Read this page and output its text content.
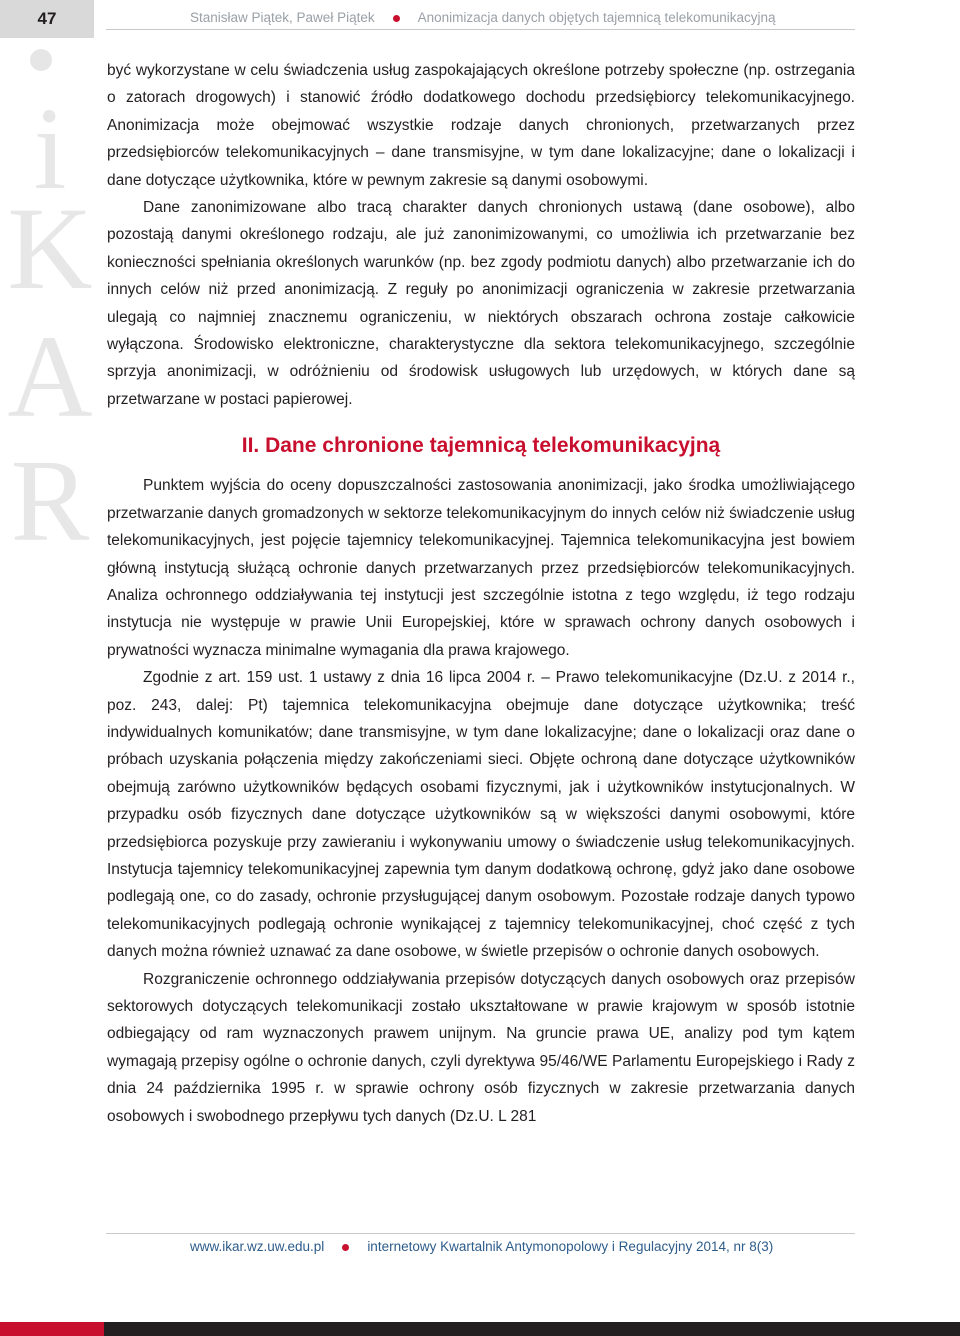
47	Stanisław Piątek, Paweł Piątek	Anonimizacja danych objętych tajemnicą telekomunikacyjną
i
K
A
R

być wykorzystane w celu świadczenia usług zaspokajających określone potrzeby społeczne (np. ostrzegania o zatorach drogowych) i stanowić źródło dodatkowego dochodu przedsiębiorcy telekomunikacyjnego. Anonimizacja może obejmować wszystkie rodzaje danych chronionych, przetwarzanych przez przedsiębiorców telekomunikacyjnych – dane transmisyjne, w tym dane lokalizacyjne; dane o lokalizacji i dane dotyczące użytkownika, które w pewnym zakresie są danymi osobowymi.

Dane zanonimizowane albo tracą charakter danych chronionych ustawą (dane osobowe), albo pozostają danymi określonego rodzaju, ale już zanonimizowanymi, co umożliwia ich przetwarzanie bez konieczności spełniania określonych warunków (np. bez zgody podmiotu danych) albo przetwarzanie ich do innych celów niż przed anonimizacją. Z reguły po anonimizacji ograniczenia w zakresie przetwarzania ulegają co najmniej znacznemu ograniczeniu, w niektórych obszarach ochrona zostaje całkowicie wyłączona. Środowisko elektroniczne, charakterystyczne dla sektora telekomunikacyjnego, szczególnie sprzyja anonimizacji, w odróżnieniu od środowisk usługowych lub urzędowych, w których dane są przetwarzane w postaci papierowej.

II. Dane chronione tajemnicą telekomunikacyjną

Punktem wyjścia do oceny dopuszczalności zastosowania anonimizacji, jako środka umożliwiającego przetwarzanie danych gromadzonych w sektorze telekomunikacyjnym do innych celów niż świadczenie usług telekomunikacyjnych, jest pojęcie tajemnicy telekomunikacyjnej. Tajemnica telekomunikacyjna jest bowiem główną instytucją służącą ochronie danych przetwarzanych przez przedsiębiorców telekomunikacyjnych. Analiza ochronnego oddziaływania tej instytucji jest szczególnie istotna z tego względu, iż tego rodzaju instytucja nie występuje w prawie Unii Europejskiej, które w sprawach ochrony danych osobowych i prywatności wyznacza minimalne wymagania dla prawa krajowego.

Zgodnie z art. 159 ust. 1 ustawy z dnia 16 lipca 2004 r. – Prawo telekomunikacyjne (Dz.U. z 2014 r., poz. 243, dalej: Pt) tajemnica telekomunikacyjna obejmuje dane dotyczące użytkownika; treść indywidualnych komunikatów; dane transmisyjne, w tym dane lokalizacyjne; dane o lokalizacji oraz dane o próbach uzyskania połączenia między zakończeniami sieci. Objęte ochroną dane dotyczące użytkowników obejmują zarówno użytkowników będących osobami fizycznymi, jak i użytkowników instytucjonalnych. W przypadku osób fizycznych dane dotyczące użytkowników są w większości danymi osobowymi, które przedsiębiorca pozyskuje przy zawieraniu i wykonywaniu umowy o świadczenie usług telekomunikacyjnych. Instytucja tajemnicy telekomunikacyjnej zapewnia tym danym dodatkową ochronę, gdyż jako dane osobowe podlegają one, co do zasady, ochronie przysługującej danym osobowym. Pozostałe rodzaje danych typowo telekomunikacyjnych podlegają ochronie wynikającej z tajemnicy telekomunikacyjnej, choć część z tych danych można również uznawać za dane osobowe, w świetle przepisów o ochronie danych osobowych.

Rozgraniczenie ochronnego oddziaływania przepisów dotyczących danych osobowych oraz przepisów sektorowych dotyczących telekomunikacji zostało ukształtowane w prawie krajowym w sposób istotnie odbiegający od ram wyznaczonych prawem unijnym. Na gruncie prawa UE, analizy pod tym kątem wymagają przepisy ogólne o ochronie danych, czyli dyrektywa 95/46/WE Parlamentu Europejskiego i Rady z dnia 24 października 1995 r. w sprawie ochrony osób fizycznych w zakresie przetwarzania danych osobowych i swobodnego przepływu tych danych (Dz.U. L 281

www.ikar.wz.uw.edu.pl	internetowy Kwartalnik Antymonopolowy i Regulacyjny 2014, nr 8(3)
